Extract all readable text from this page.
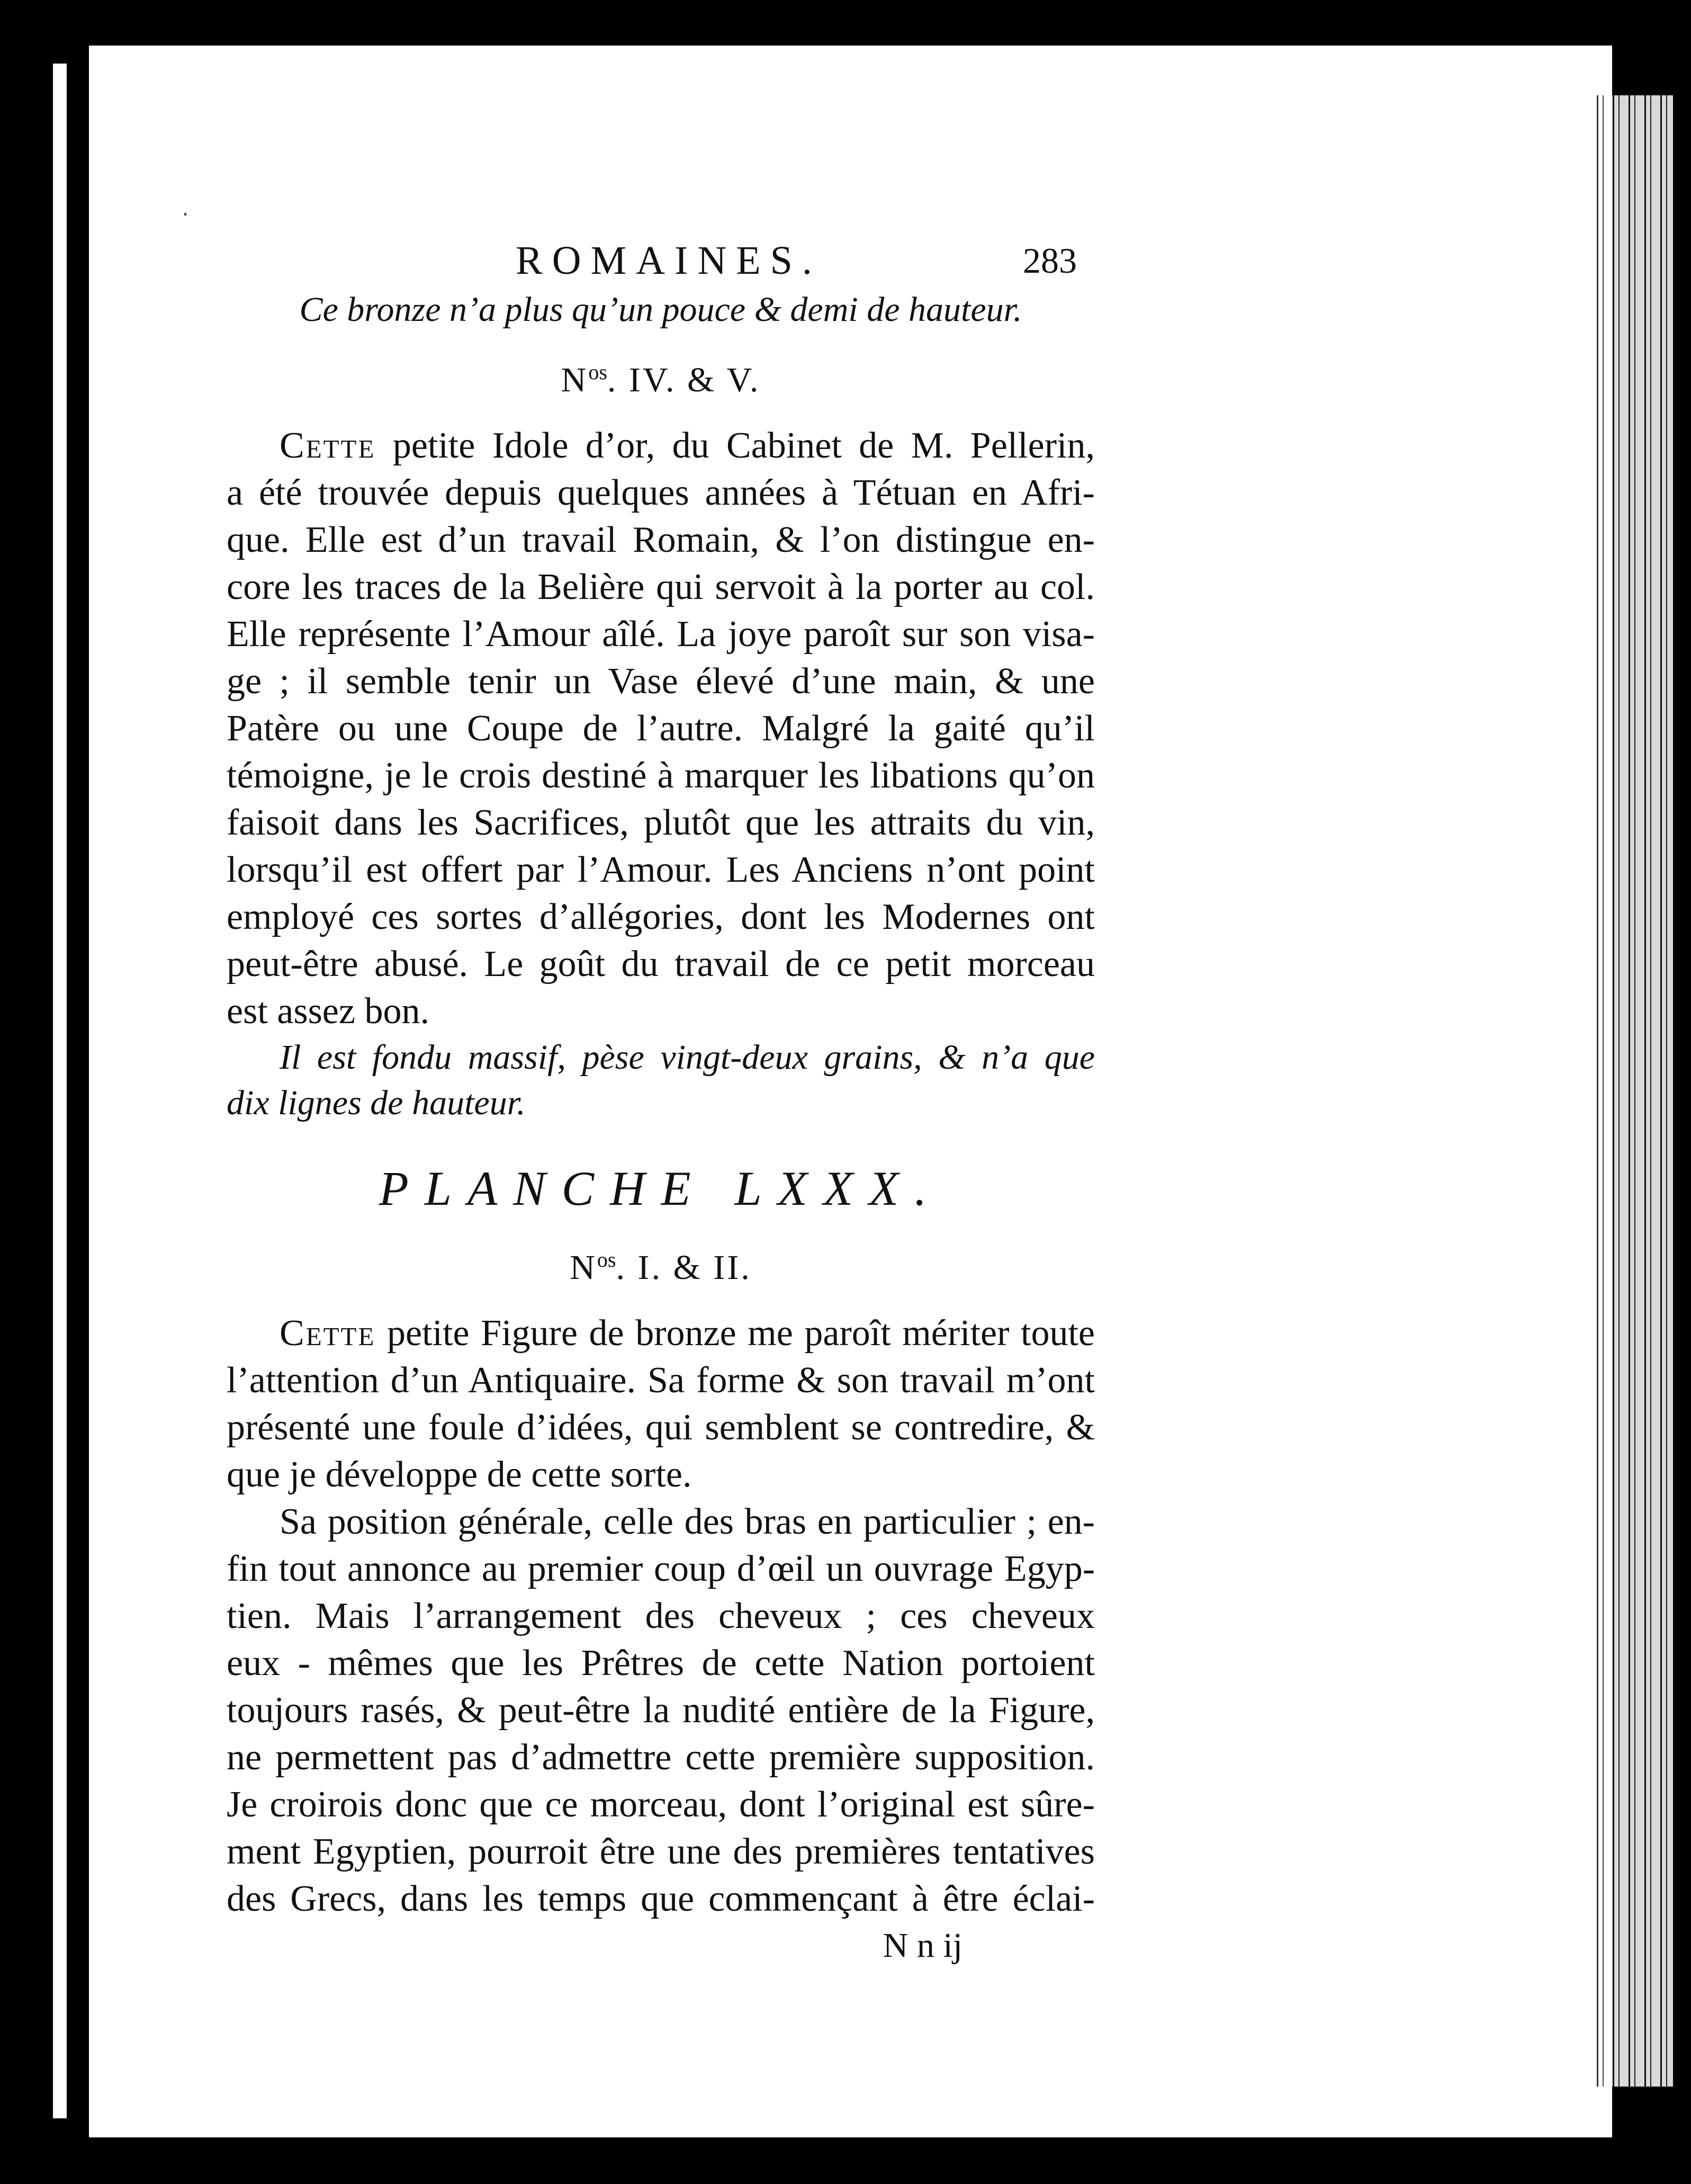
ROMAINES.	283

Ce bronze n’a plus qu’un pouce & demi de hauteur.

$N^{os}$. IV. & V.

Cette petite Idole d’or, du Cabinet de M. Pellerin,

a été trouvée depuis quelques années à Tétuan en Afri-

que. Elle est d’un travail Romain, & l’on distingue en-

core les traces de la Belière qui servoit à la porter au col.

Elle représente l’Amour aîlé. La joye paroît sur son visa-

ge ; il semble tenir un Vase élevé d’une main, & une

Patère ou une Coupe de l’autre. Malgré la gaité qu’il

témoigne, je le crois destiné à marquer les libations qu’on

faisoit dans les Sacrifices, plutôt que les attraits du vin,

lorsqu’il est offert par l’Amour. Les Anciens n’ont point

employé ces sortes d’allégories, dont les Modernes ont

peut-être abusé. Le goût du travail de ce petit morceau

est assez bon.

Il est fondu massif, pèse vingt-deux grains, & n’a que

dix lignes de hauteur.

PLANCHE LXXX.
$N^{os}$. I. & II.

Cette petite Figure de bronze me paroît mériter toute

l’attention d’un Antiquaire. Sa forme & son travail m’ont

présenté une foule d’idées, qui semblent se contredire, &

que je développe de cette sorte.

Sa position générale, celle des bras en particulier ; en-

fin tout annonce au premier coup d’œil un ouvrage Egyp-

tien. Mais l’arrangement des cheveux ; ces cheveux

eux - mêmes que les Prêtres de cette Nation portoient

toujours rasés, & peut-être la nudité entière de la Figure,

ne permettent pas d’admettre cette première supposition.

Je croirois donc que ce morceau, dont l’original est sûre-

ment Egyptien, pourroit être une des premières tentatives

des Grecs, dans les temps que commençant à être éclai-

N n ij
